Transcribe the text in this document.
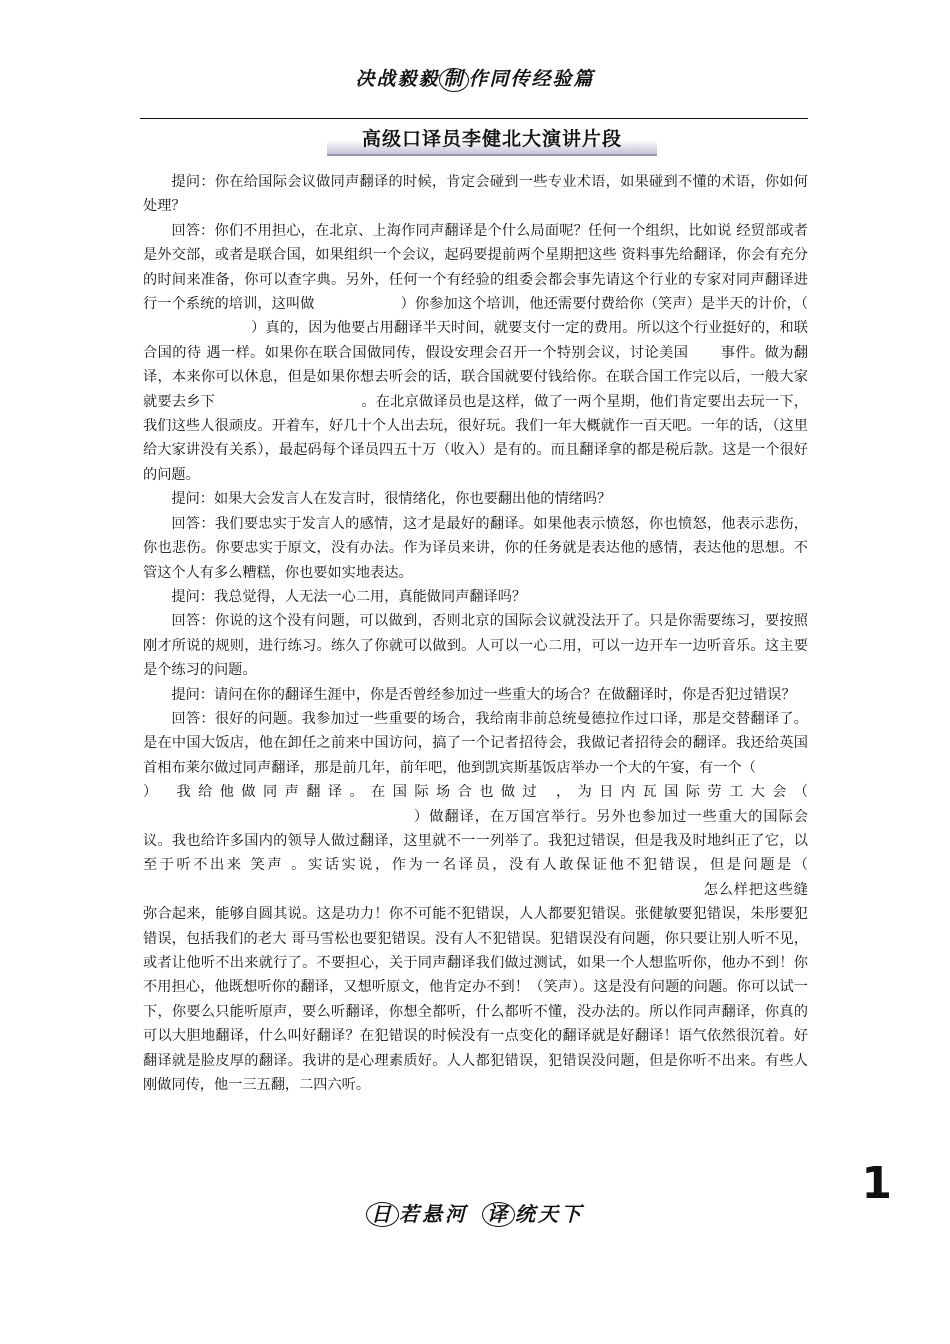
决战毅毅 制 作同传经验篇
高级口译员李健北大演讲片段

提问：你在给国际会议做同声翻译的时候，肯定会碰到一些专业术语，如果碰到不懂的术语，你如何处理？

回答：你们不用担心，在北京、上海作同声翻译是个什么局面呢？任何一个组织，比如说 经贸部或者是外交部，或者是联合国，如果组织一个会议，起码要提前两个星期把这些 资料事先给翻译，你会有充分的时间来准备，你可以查字典。另外，任何一个有经验的组委会都会事先请这个行业的专家对同声翻译进行一个系统的培训，这叫做	）你参加这个培训，他还需要付费给你（笑声）是半天的计价，（）真的，因为他要占用翻译半天时间，就要支付一定的费用。所以这个行业挺好的，和联合国的待 遇一样。如果你在联合国做同传，假设安理会召开一个特别会议，讨论美国 事件。做为翻译，本来你可以休息，但是如果你想去听会的话，联合国就要付钱给你。在联合国工作完以后，一般大家就要去乡下	。在北京做译员也是这样，做了一两个星期，他们肯定要出去玩一下，我们这些人很顽皮。开着车，好几十个人出去玩，很好玩。我们一年大概就作一百天吧。一年的话，（这里给大家讲没有关系），最起码每个译员四五十万（收入）是有的。而且翻译拿的都是税后款。这是一个很好的问题。

提问：如果大会发言人在发言时，很情绪化，你也要翻出他的情绪吗？

回答：我们要忠实于发言人的感情，这才是最好的翻译。如果他表示愤怒，你也愤怒，他表示悲伤，你也悲伤。你要忠实于原文，没有办法。作为译员来讲，你的任务就是表达他的感情，表达他的思想。不管这个人有多么糟糕，你也要如实地表达。

提问：我总觉得，人无法一心二用，真能做同声翻译吗？

回答：你说的这个没有问题，可以做到，否则北京的国际会议就没法开了。只是你需要练习，要按照刚才所说的规则，进行练习。练久了你就可以做到。人可以一心二用，可以一边开车一边听音乐。这主要是个练习的问题。

提问：请问在你的翻译生涯中，你是否曾经参加过一些重大的场合？在做翻译时，你是否犯过错误？

回答：很好的问题。我参加过一些重要的场合，我给南非前总统曼德拉作过口译，那是交替翻译了。是在中国大饭店，他在卸任之前来中国访问，搞了一个记者招待会，我做记者招待会的翻译。我还给英国首相布莱尔做过同声翻译，那是前几年，前年吧，他到凯宾斯基饭店举办一个大的午宴，有一个（） 我给他做同声翻译。在国际场合也做过 ，为日内瓦国际劳工大会（）做翻译，在万国宫举行。另外也参加过一些重大的国际会议。我也给许多国内的领导人做过翻译，这里就不一一列举了。我犯过错误，但是我及时地纠正了它，以至于听不出来 笑声 。实话实说，作为一名译员，没有人敢保证他不犯错误，但是问题是（怎么样把这些缝弥合起来，能够自圆其说。这是功力！你不可能不犯错误，人人都要犯错误。张健敏要犯错误，朱彤要犯错误，包括我们的老大 哥马雪松也要犯错误。没有人不犯错误。犯错误没有问题，你只要让别人听不见，或者让他听不出来就行了。不要担心，关于同声翻译我们做过测试，如果一个人想监听你，他办不到！你不用担心，他既想听你的翻译，又想听原文，他肯定办不到！（笑声）。这是没有问题的问题。你可以试一下，你要么只能听原声，要么听翻译，你想全都听，什么都听不懂，没办法的。所以作同声翻译，你真的可以大胆地翻译，什么叫好翻译？在犯错误的时候没有一点变化的翻译就是好翻译！语气依然很沉着。好翻译就是脸皮厚的翻译。我讲的是心理素质好。人人都犯错误，犯错误没问题，但是你听不出来。有些人刚做同传，他一三五翻，二四六听。

日 若悬河 译 统天下
1
